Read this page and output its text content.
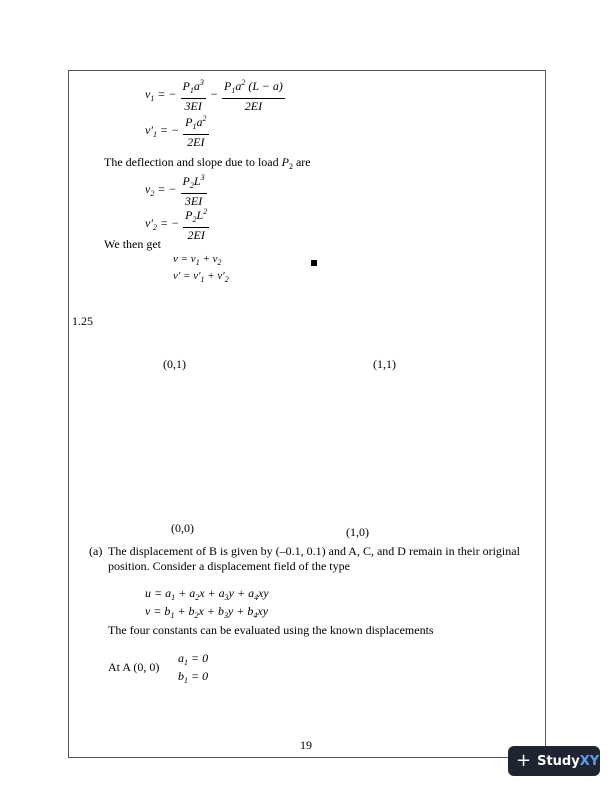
$v_1$ = − $\frac{P_1a^3}{3EI} - \frac{P_1a^2 (L - a)}{2EI}$
$v'_1$ = − $\frac{P_1a^2}{2EI}$
The deflection and slope due to load $P_2$ are
$v_2$ = − $\frac{P_2L^3}{3EI}$
$v'_2$ = − $\frac{P_2L^2}{2EI}$
We then get
$v = v_1 + v_2$
$v' = v'_1 + v'_2$
1.25
(0,1)	(1,1)
(0,0)	(1,0)
(a) The displacement of B is given by (–0.1, 0.1) and A, C, and D remain in their original
position. Consider a displacement field of the type
$u = a_1 + a_2x + a_3y + a_4xy$
$v = b_1 + b_2x + b_3y + b_4xy$
The four constants can be evaluated using the known displacements
At A (0, 0)
$a_1 = 0$
$b_1 = 0$
19
+ StudyXY
